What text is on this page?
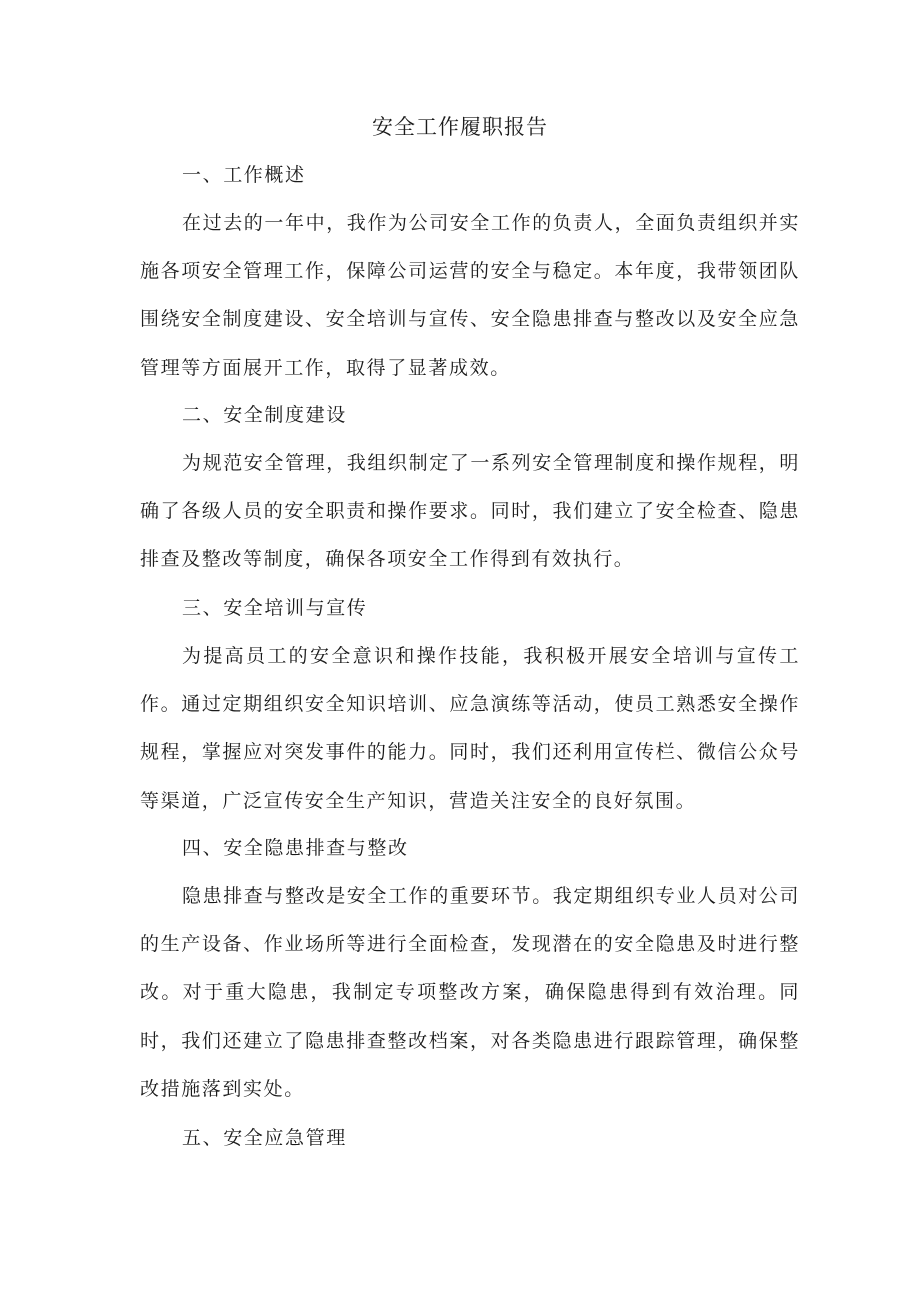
安全工作履职报告

一、工作概述

在过去的一年中，我作为公司安全工作的负责人，全面负责组织并实施各项安全管理工作，保障公司运营的安全与稳定。本年度，我带领团队围绕安全制度建设、安全培训与宣传、安全隐患排查与整改以及安全应急管理等方面展开工作，取得了显著成效。

二、安全制度建设

为规范安全管理，我组织制定了一系列安全管理制度和操作规程，明确了各级人员的安全职责和操作要求。同时，我们建立了安全检查、隐患排查及整改等制度，确保各项安全工作得到有效执行。

三、安全培训与宣传

为提高员工的安全意识和操作技能，我积极开展安全培训与宣传工作。通过定期组织安全知识培训、应急演练等活动，使员工熟悉安全操作规程，掌握应对突发事件的能力。同时，我们还利用宣传栏、微信公众号等渠道，广泛宣传安全生产知识，营造关注安全的良好氛围。

四、安全隐患排查与整改

隐患排查与整改是安全工作的重要环节。我定期组织专业人员对公司的生产设备、作业场所等进行全面检查，发现潜在的安全隐患及时进行整改。对于重大隐患，我制定专项整改方案，确保隐患得到有效治理。同时，我们还建立了隐患排查整改档案，对各类隐患进行跟踪管理，确保整改措施落到实处。

五、安全应急管理
